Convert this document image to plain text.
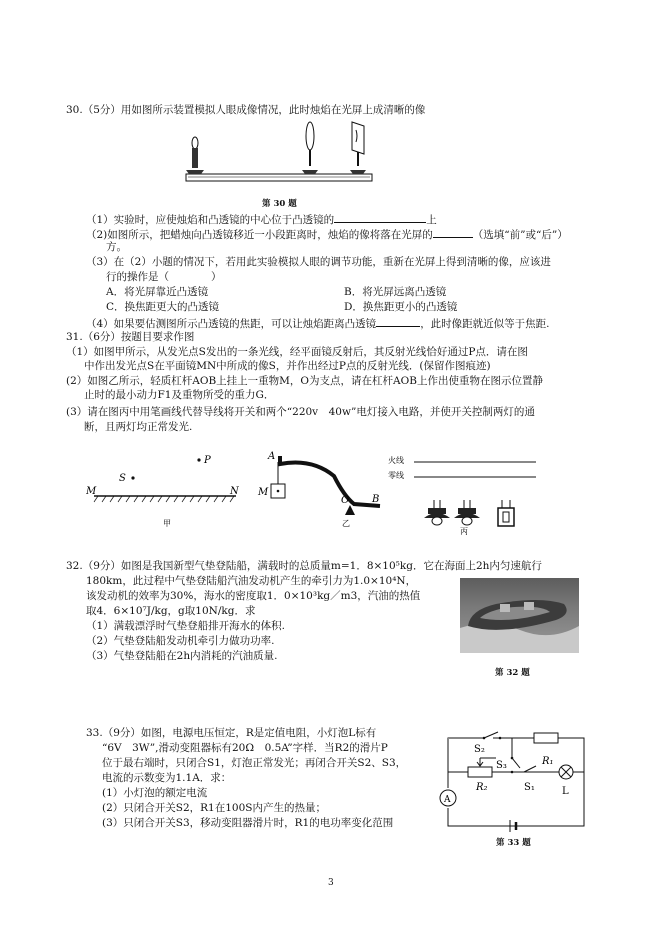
30.（5分）用如图所示装置模拟人眼成像情况，此时烛焰在光屏上成清晰的像
第 30 题
（1）实验时，应使烛焰和凸透镜的中心位于凸透镜的	上
（2)如图所示，把蜡烛向凸透镜移近一小段距离时，烛焰的像将落在光屏的	（选填“前”或“后”）
方。
（3）在（2）小题的情况下，若用此实验模拟人眼的调节功能，重新在光屏上得到清晰的像，应该进
行的操作是（　　　　）
A．将光屏靠近凸透镜	B．将光屏远离凸透镜
C．换焦距更大的凸透镜	D．换焦距更小的凸透镜
（4）如果要估测图所示凸透镜的焦距，可以让烛焰距离凸透镜	，此时像距就近似等于焦距.
31.（6分）按题目要求作图
（1）如图甲所示，从发光点S发出的一条光线，经平面镜反射后，其反射光线恰好通过P点．请在图
中作出发光点S在平面镜MN中所成的像S，并作出经过P点的反射光线．(保留作图痕迹)
(2）如图乙所示，轻质杠杆AOB上挂上一重物M，O为支点，请在杠杆AOB上作出使重物在图示位置静
止时的最小动力F1及重物所受的重力G．
(3）请在图丙中用笔画线代替导线将开关和两个“220v　40w”电灯接入电路，并使开关控制两灯的通
断，且两灯均正常发光.
S
P
M	N
甲
A
M
O B
乙
火线
零线
丙
32.（9分）如图是我国新型气垫登陆船，满载时的总质量m=1．8×10⁵kg．它在海面上2h内匀速航行
180km，此过程中气垫登陆船汽油发动机产生的牵引力为1.0×10⁴N，
该发动机的效率为30%，海水的密度取1．0×10³kg／m3，汽油的热值
取4．6×10⁷J/kg，g取10N/kg．求
（1）满载漂浮时气垫登船排开海水的体积.
（2）气垫登陆船发动机牵引力做功功率.
（3）气垫登陆船在2h内消耗的汽油质量.
第 32 题
33.（9分）如图，电源电压恒定，R是定值电阻，小灯泡L标有
“6V　3W”,滑动变阻器标有20Ω　0.5A”字样．当R2的滑片P
位于最右端时，只闭合S1，灯泡正常发光；再闭合开关S2、S3，
电流的示数变为1.1A．求：
(1）小灯泡的额定电流
(2）只闭合开关S2，R1在100S内产生的热量；
(3）只闭合开关S3，移动变阻器滑片时，R1的电功率变化范围
A
S₂
S₃	R₁
R₂	S₁	L
第 33 题
3
